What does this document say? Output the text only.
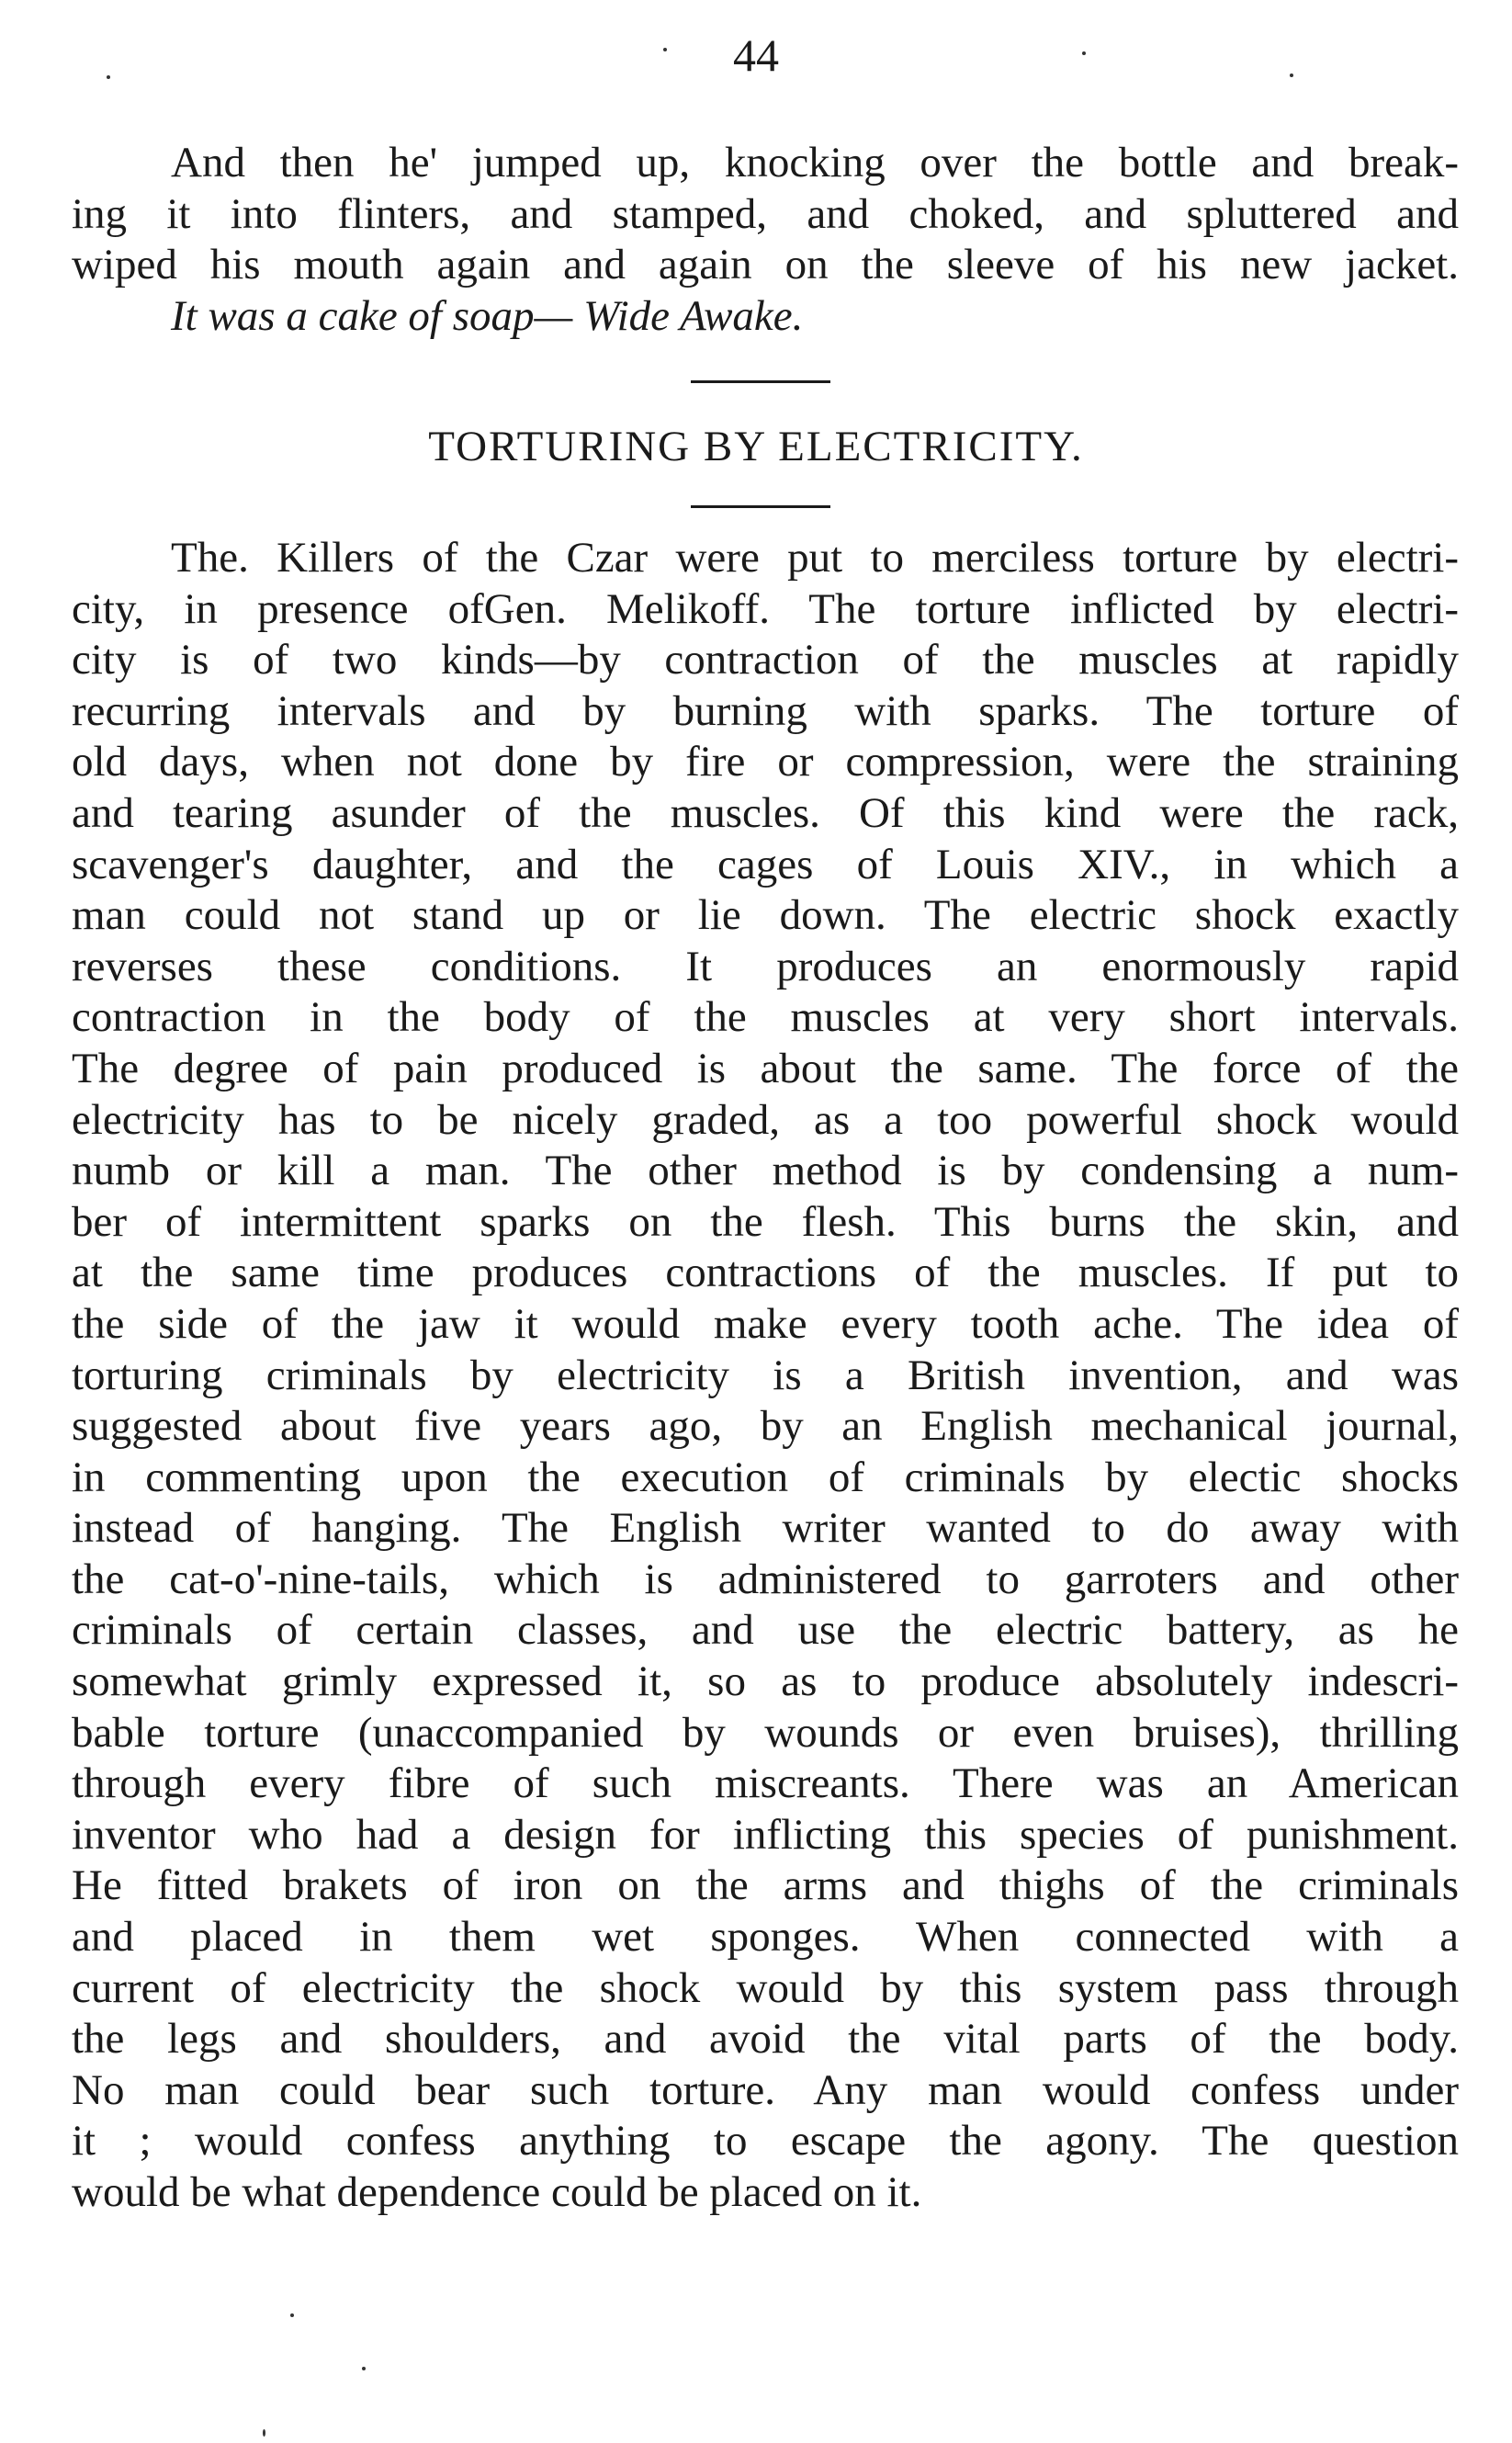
44
And then he' jumped up, knocking over the bottle and break-
ing it into flinters, and stamped, and choked, and spluttered and
wiped his mouth again and again on the sleeve of his new jacket.
It was a cake of soap— Wide Awake.
TORTURING BY ELECTRICITY.
The. Killers of the Czar were put to merciless torture by electri-
city, in presence ofGen. Melikoff. The torture inflicted by electri-
city is of two kinds—by contraction of the muscles at rapidly
recurring intervals and by burning with sparks. The torture of
old days, when not done by fire or compression, were the straining
and tearing asunder of the muscles. Of this kind were the rack,
scavenger's daughter, and the cages of Louis XIV., in which a
man could not stand up or lie down. The electric shock exactly
reverses these conditions. It produces an enormously rapid
contraction in the body of the muscles at very short intervals.
The degree of pain produced is about the same. The force of the
electricity has to be nicely graded, as a too powerful shock would
numb or kill a man. The other method is by condensing a num-
ber of intermittent sparks on the flesh. This burns the skin, and
at the same time produces contractions of the muscles. If put to
the side of the jaw it would make every tooth ache. The idea of
torturing criminals by electricity is a British invention, and was
suggested about five years ago, by an English mechanical journal,
in commenting upon the execution of criminals by electic shocks
instead of hanging. The English writer wanted to do away with
the cat-o'-nine-tails, which is administered to garroters and other
criminals of certain classes, and use the electric battery, as he
somewhat grimly expressed it, so as to produce absolutely indescri-
bable torture (unaccompanied by wounds or even bruises), thrilling
through every fibre of such miscreants. There was an American
inventor who had a design for inflicting this species of punishment.
He fitted brakets of iron on the arms and thighs of the criminals
and placed in them wet sponges. When connected with a
current of electricity the shock would by this system pass through
the legs and shoulders, and avoid the vital parts of the body.
No man could bear such torture. Any man would confess under
it ; would confess anything to escape the agony. The question
would be what dependence could be placed on it.
